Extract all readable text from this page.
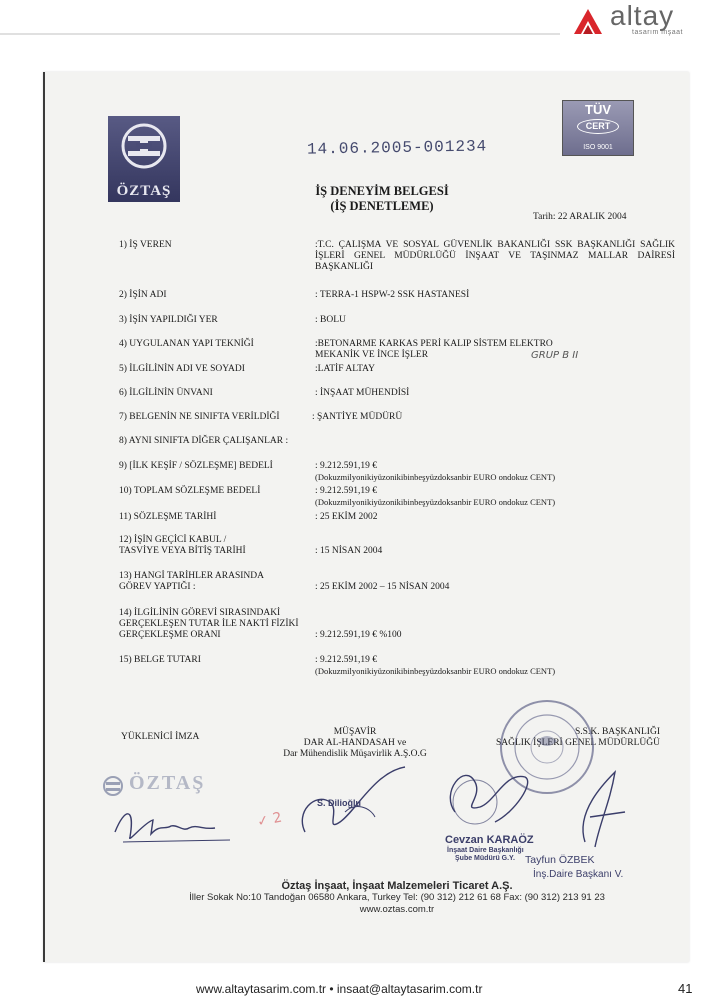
altay
tasarım inşaat
ÖZTAŞ
TÜV
CERT
ISO 9001
14.06.2005-001234
İŞ DENEYİM BELGESİ
(İŞ DENETLEME)
Tarih: 22 ARALIK 2004
1) İŞ VEREN	:T.C. ÇALIŞMA VE SOSYAL GÜVENLİK BAKANLIĞI SSK BAŞKANLIĞI SAĞLIK İŞLERİ GENEL MÜDÜRLÜĞÜ İNŞAAT VE TAŞINMAZ MALLAR DAİRESİ BAŞKANLIĞI
2) İŞİN ADI	: TERRA-1 HSPW-2 SSK HASTANESİ
3) İŞİN YAPILDIĞI YER	: BOLU
4) UYGULANAN YAPI TEKNİĞİ	:BETONARME KARKAS PERİ KALIP SİSTEM ELEKTRO MEKANİK VE İNCE İŞLER	GRUP B II
5) İLGİLİNİN ADI VE SOYADI	:LATİF ALTAY
6) İLGİLİNİN ÜNVANI	: İNŞAAT MÜHENDİSİ
7) BELGENİN NE SINIFTA VERİLDİĞİ	: ŞANTİYE MÜDÜRÜ
8) AYNI SINIFTA DİĞER ÇALIŞANLAR :
9) [İLK KEŞİF / SÖZLEŞME] BEDELİ	: 9.212.591,19 €
(Dokuzmilyonikiyüzonikibinbeşyüzdoksanbir EURO ondokuz CENT)
10) TOPLAM SÖZLEŞME BEDELİ	: 9.212.591,19 €
(Dokuzmilyonikiyüzonikibinbeşyüzdoksanbir EURO ondokuz CENT)
11) SÖZLEŞME TARİHİ	: 25 EKİM 2002
12) İŞİN GEÇİCİ KABUL /
TASVİYE VEYA BİTİŞ TARİHİ	: 15 NİSAN 2004
13) HANGİ TARİHLER ARASINDA
GÖREV YAPTIĞI :	: 25 EKİM 2002 – 15 NİSAN 2004
14) İLGİLİNİN GÖREVİ SIRASINDAKİ
GERÇEKLEŞEN TUTAR İLE NAKTİ FİZİKİ
GERÇEKLEŞME ORANI	: 9.212.591,19 € %100
15) BELGE TUTARI	: 9.212.591,19 €
(Dokuzmilyonikiyüzonikibinbeşyüzdoksanbir EURO ondokuz CENT)
YÜKLENİCİ İMZA	MÜŞAVİR
DAR AL-HANDASAH ve
Dar Mühendislik Müşavirlik A.Ş.O.G
S.S.K. BAŞKANLIĞI
SAĞLIK İŞLERİ GENEL MÜDÜRLÜĞÜ
ÖZTAŞ
S. Dilioğlu
✓ 2
Cevzan KARAÖZ
İnşaat Daire Başkanlığı
Şube Müdürü G.Y. Tayfun ÖZBEK
İnş.Daire Başkanı V.
Öztaş İnşaat, İnşaat Malzemeleri Ticaret A.Ş.
İller Sokak No:10 Tandoğan 06580 Ankara, Turkey Tel: (90 312) 212 61 68 Fax: (90 312) 213 91 23
www.oztas.com.tr
www.altaytasarim.com.tr • insaat@altaytasarim.com.tr	41
